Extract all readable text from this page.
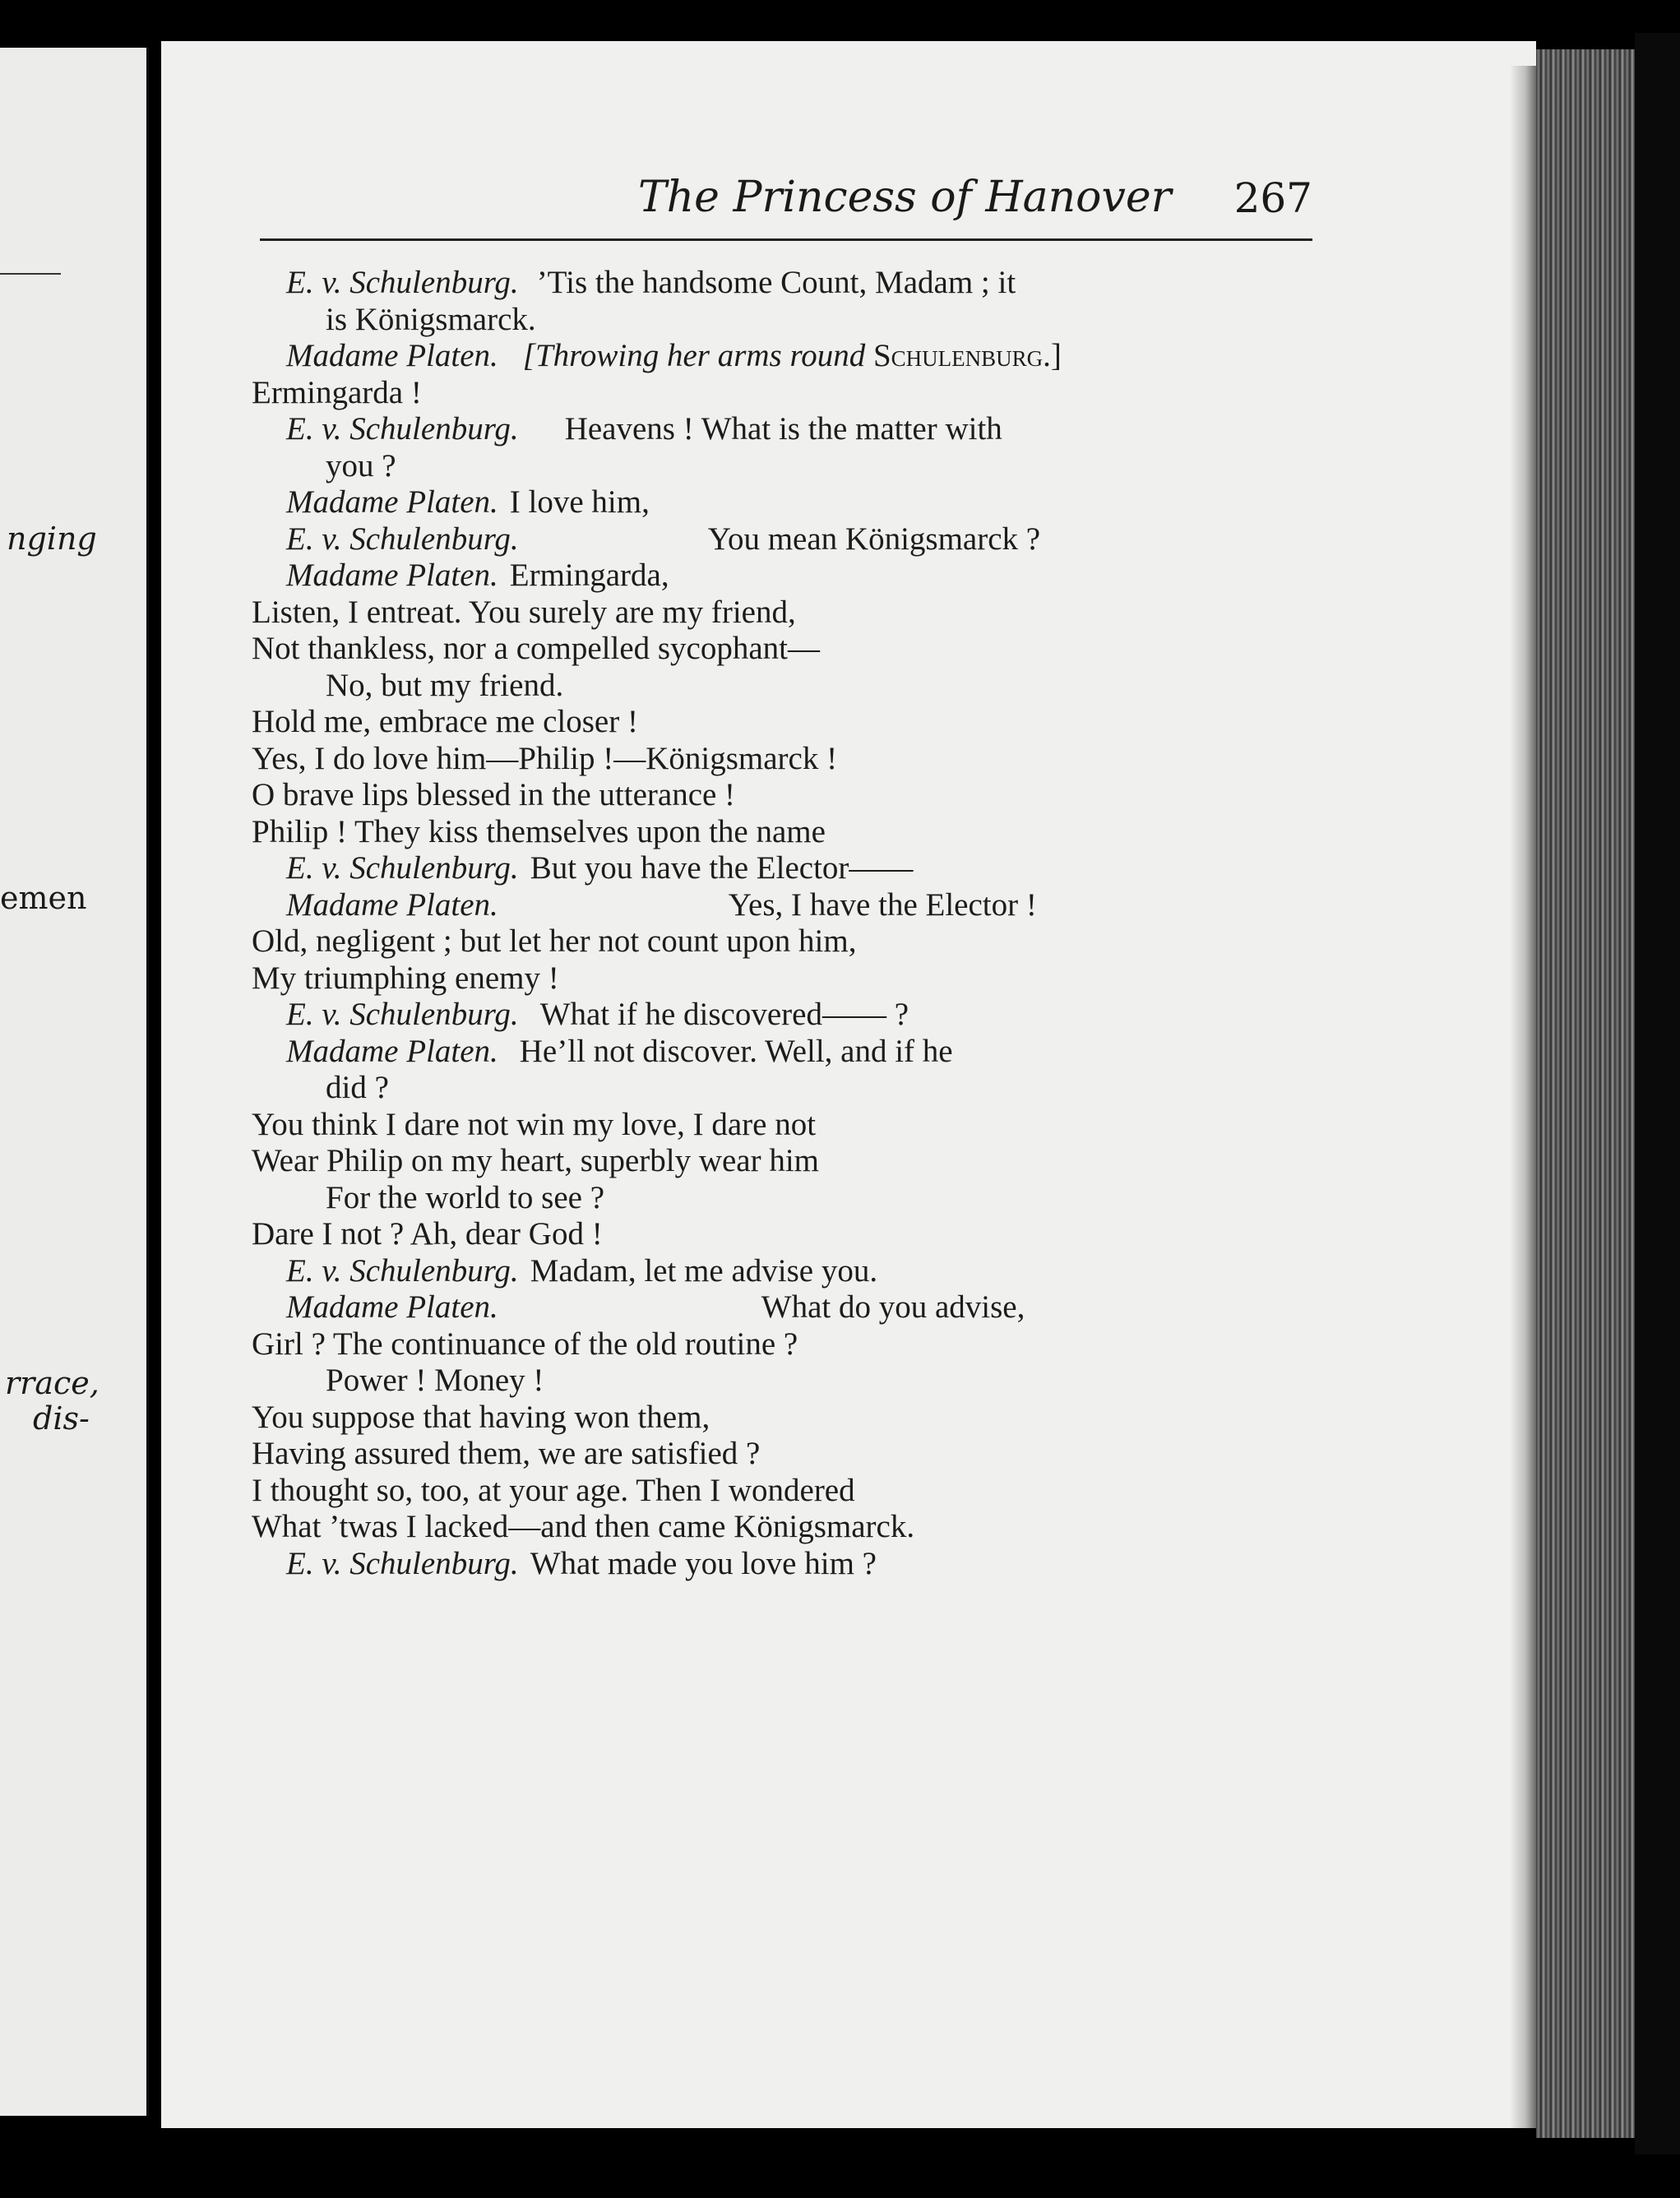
nging
emen
rrace,
dis-
The Princess of Hanover 267
E. v. Schulenburg. ’Tis the handsome Count, Madam ; it
is Königsmarck.
Madame Platen. [Throwing her arms round Schulenburg.]
Ermingarda !
E. v. Schulenburg. Heavens ! What is the matter with
you ?
Madame Platen. I love him,
E. v. Schulenburg.	You mean Königsmarck ?
Madame Platen. Ermingarda,
Listen, I entreat. You surely are my friend,
Not thankless, nor a compelled sycophant—
No, but my friend.
Hold me, embrace me closer !
Yes, I do love him—Philip !—Königsmarck !
O brave lips blessed in the utterance !
Philip ! They kiss themselves upon the name
E. v. Schulenburg. But you have the Elector——
Madame Platen.	Yes, I have the Elector !
Old, negligent ; but let her not count upon him,
My triumphing enemy !
E. v. Schulenburg. What if he discovered—— ?
Madame Platen. He’ll not discover. Well, and if he
did ?
You think I dare not win my love, I dare not
Wear Philip on my heart, superbly wear him
For the world to see ?
Dare I not ? Ah, dear God !
E. v. Schulenburg. Madam, let me advise you.
Madame Platen.	What do you advise,
Girl ? The continuance of the old routine ?
Power ! Money !
You suppose that having won them,
Having assured them, we are satisfied ?
I thought so, too, at your age. Then I wondered
What ’twas I lacked—and then came Königsmarck.
E. v. Schulenburg. What made you love him ?
